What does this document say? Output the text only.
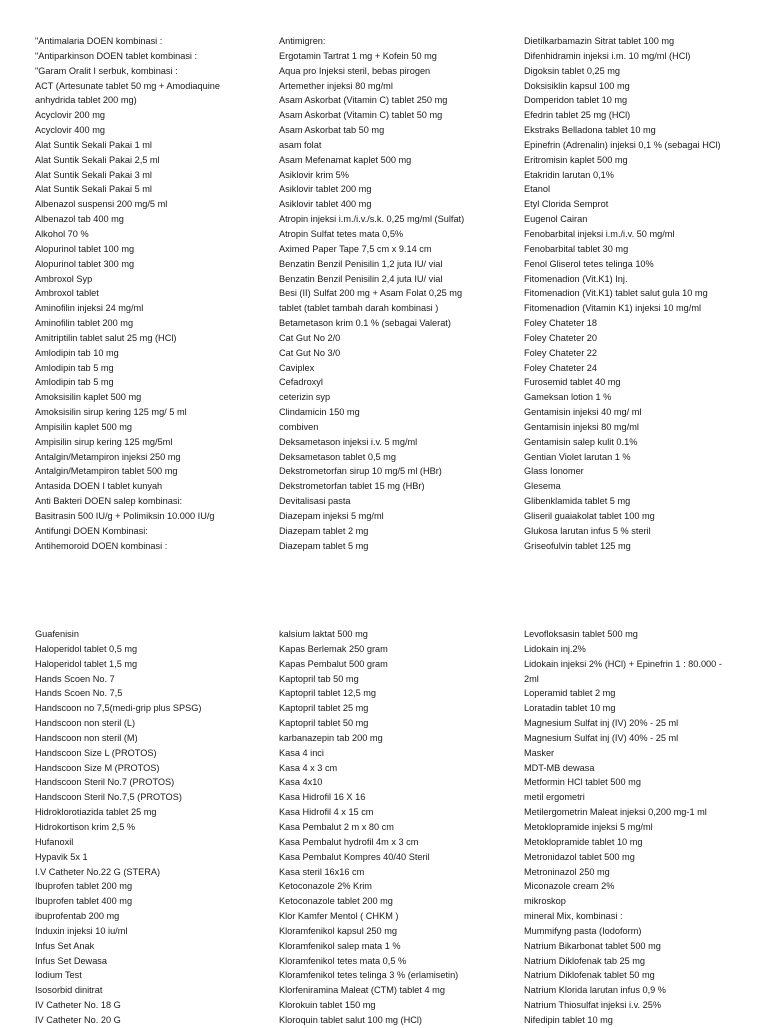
"Antimalaria DOEN kombinasi :
"Antiparkinson DOEN tablet kombinasi :
"Garam Oralit I serbuk, kombinasi :
ACT (Artesunate tablet 50 mg + Amodiaquine
anhydrida tablet 200 mg)
Acyclovir 200 mg
Acyclovir 400 mg
Alat Suntik Sekali Pakai 1 ml
Alat Suntik Sekali Pakai 2,5 ml
Alat Suntik Sekali Pakai 3 ml
Alat Suntik Sekali Pakai 5 ml
Albenazol suspensi 200 mg/5 ml
Albenazol tab 400 mg
Alkohol 70 %
Alopurinol tablet 100 mg
Alopurinol tablet 300 mg
Ambroxol Syp
Ambroxol tablet
Aminofilin injeksi 24 mg/ml
Aminofilin tablet 200 mg
Amitriptilin tablet salut 25 mg (HCl)
Amlodipin tab 10 mg
Amlodipin tab 5 mg
Amlodipin tab 5 mg
Amoksisilin kaplet 500 mg
Amoksisilin sirup kering 125 mg/ 5 ml
Ampisilin kaplet 500 mg
Ampisilin sirup kering 125 mg/5ml
Antalgin/Metampiron injeksi 250 mg
Antalgin/Metampiron tablet 500 mg
Antasida DOEN I tablet kunyah
Anti Bakteri DOEN salep kombinasi:
Basitrasin 500 IU/g + Polimiksin 10.000 IU/g
Antifungi DOEN Kombinasi:
Antihemoroid DOEN kombinasi :
Antimigren:
Ergotamin Tartrat 1 mg + Kofein 50 mg
Aqua pro Injeksi steril, bebas pirogen
Artemether injeksi 80 mg/ml
Asam Askorbat (Vitamin C) tablet 250 mg
Asam Askorbat (Vitamin C) tablet 50 mg
Asam Askorbat tab 50 mg
asam folat
Asam Mefenamat kaplet 500 mg
Asiklovir krim 5%
Asiklovir tablet 200 mg
Asiklovir tablet 400 mg
Atropin injeksi i.m./i.v./s.k. 0,25 mg/ml (Sulfat)
Atropin Sulfat tetes mata 0,5%
Aximed Paper Tape 7,5 cm x 9.14 cm
Benzatin Benzil Penisilin 1,2 juta IU/ vial
Benzatin Benzil Penisilin 2,4 juta IU/ vial
Besi (II) Sulfat 200 mg + Asam Folat 0,25 mg
tablet (tablet tambah darah kombinasi )
Betametason krim 0.1 % (sebagai Valerat)
Cat Gut No 2/0
Cat Gut No 3/0
Caviplex
Cefadroxyl
ceterizin syp
Clindamicin 150 mg
combiven
Deksametason injeksi i.v. 5 mg/ml
Deksametason tablet 0,5 mg
Dekstrometorfan sirup 10 mg/5 ml (HBr)
Dekstrometorfan tablet 15 mg (HBr)
Devitalisasi pasta
Diazepam injeksi 5 mg/ml
Diazepam tablet 2 mg
Diazepam tablet 5 mg
Dietilkarbamazin Sitrat tablet 100 mg
Difenhidramin injeksi i.m. 10 mg/ml (HCl)
Digoksin tablet 0,25 mg
Doksisiklin kapsul 100 mg
Domperidon tablet 10 mg
Efedrin tablet 25 mg (HCl)
Ekstraks Belladona tablet 10 mg
Epinefrin (Adrenalin) injeksi 0,1 % (sebagai HCl)
Eritromisin kaplet 500 mg
Etakridin larutan 0,1%
Etanol
Etyl Clorida Semprot
Eugenol Cairan
Fenobarbital injeksi i.m./i.v. 50 mg/ml
Fenobarbital tablet 30 mg
Fenol Gliserol tetes telinga 10%
Fitomenadion (Vit.K1) Inj.
Fitomenadion (Vit.K1) tablet salut gula 10 mg
Fitomenadion (Vitamin K1) injeksi 10 mg/ml
Foley Chateter 18
Foley Chateter 20
Foley Chateter 22
Foley Chateter 24
Furosemid tablet 40 mg
Gameksan lotion 1 %
Gentamisin injeksi 40 mg/ ml
Gentamisin injeksi 80 mg/ml
Gentamisin salep kulit 0.1%
Gentian Violet larutan 1 %
Glass Ionomer
Glesema
Glibenklamida tablet 5 mg
Gliseril guaiakolat tablet 100 mg
Glukosa larutan infus 5 % steril
Griseofulvin tablet 125 mg
Guafenisin
Haloperidol tablet 0,5 mg
Haloperidol tablet 1,5 mg
Hands Scoen No. 7
Hands Scoen No. 7,5
Handscoon no 7,5(medi-grip plus SPSG)
Handscoon non steril (L)
Handscoon non steril (M)
Handscoon Size L (PROTOS)
Handscoon Size M (PROTOS)
Handscoon Steril No.7 (PROTOS)
Handscoon Steril No.7,5 (PROTOS)
Hidroklorotiazida tablet 25 mg
Hidrokortison krim 2,5 %
Hufanoxil
Hypavik 5x 1
I.V Catheter No.22 G (STERA)
Ibuprofen tablet 200 mg
Ibuprofen tablet 400 mg
ibuprofentab 200 mg
Induxin injeksi 10 iu/ml
Infus Set Anak
Infus Set Dewasa
Iodium Test
Isosorbid dinitrat
IV Catheter No. 18 G
IV Catheter No. 20 G
kalsium laktat 500 mg
Kapas Berlemak 250 gram
Kapas Pembalut 500 gram
Kaptopril tab 50 mg
Kaptopril tablet 12,5 mg
Kaptopril tablet 25 mg
Kaptopril tablet 50 mg
karbanazepin tab 200 mg
Kasa 4 inci
Kasa 4 x 3 cm
Kasa 4x10
Kasa Hidrofil 16 X 16
Kasa Hidrofil 4 x 15 cm
Kasa Pembalut 2 m x 80 cm
Kasa Pembalut hydrofil 4m x 3 cm
Kasa Pembalut Kompres 40/40 Steril
Kasa steril 16x16 cm
Ketoconazole 2% Krim
Ketoconazole tablet 200 mg
Klor Kamfer Mentol ( CHKM )
Kloramfenikol kapsul 250 mg
Kloramfenikol salep mata 1 %
Kloramfenikol tetes mata 0,5 %
Kloramfenikol tetes telinga 3 % (erlamisetin)
Klorfeniramina Maleat (CTM) tablet 4 mg
Klorokuin tablet 150 mg
Kloroquin tablet salut 100 mg (HCl)
Levofloksasin tablet 500 mg
Lidokain inj.2%
Lidokain injeksi 2% (HCl) + Epinefrin 1 : 80.000 -
2ml
Loperamid tablet 2 mg
Loratadin tablet 10 mg
Magnesium Sulfat inj (IV) 20% - 25 ml
Magnesium Sulfat inj (IV) 40% - 25 ml
Masker
MDT-MB dewasa
Metformin HCl tablet 500 mg
metil ergometri
Metilergometrin Maleat injeksi 0,200 mg-1 ml
Metoklopramide injeksi 5 mg/ml
Metoklopramide tablet 10 mg
Metronidazol tablet 500 mg
Metroninazol 250 mg
Miconazole cream 2%
mikroskop
mineral Mix, kombinasi :
Mummifyng pasta (Iodoform)
Natrium Bikarbonat tablet 500 mg
Natrium Diklofenak tab 25 mg
Natrium Diklofenak tablet 50 mg
Natrium Klorida larutan infus 0,9 %
Natrium Thiosulfat injeksi i.v. 25%
Nifedipin tablet 10 mg
